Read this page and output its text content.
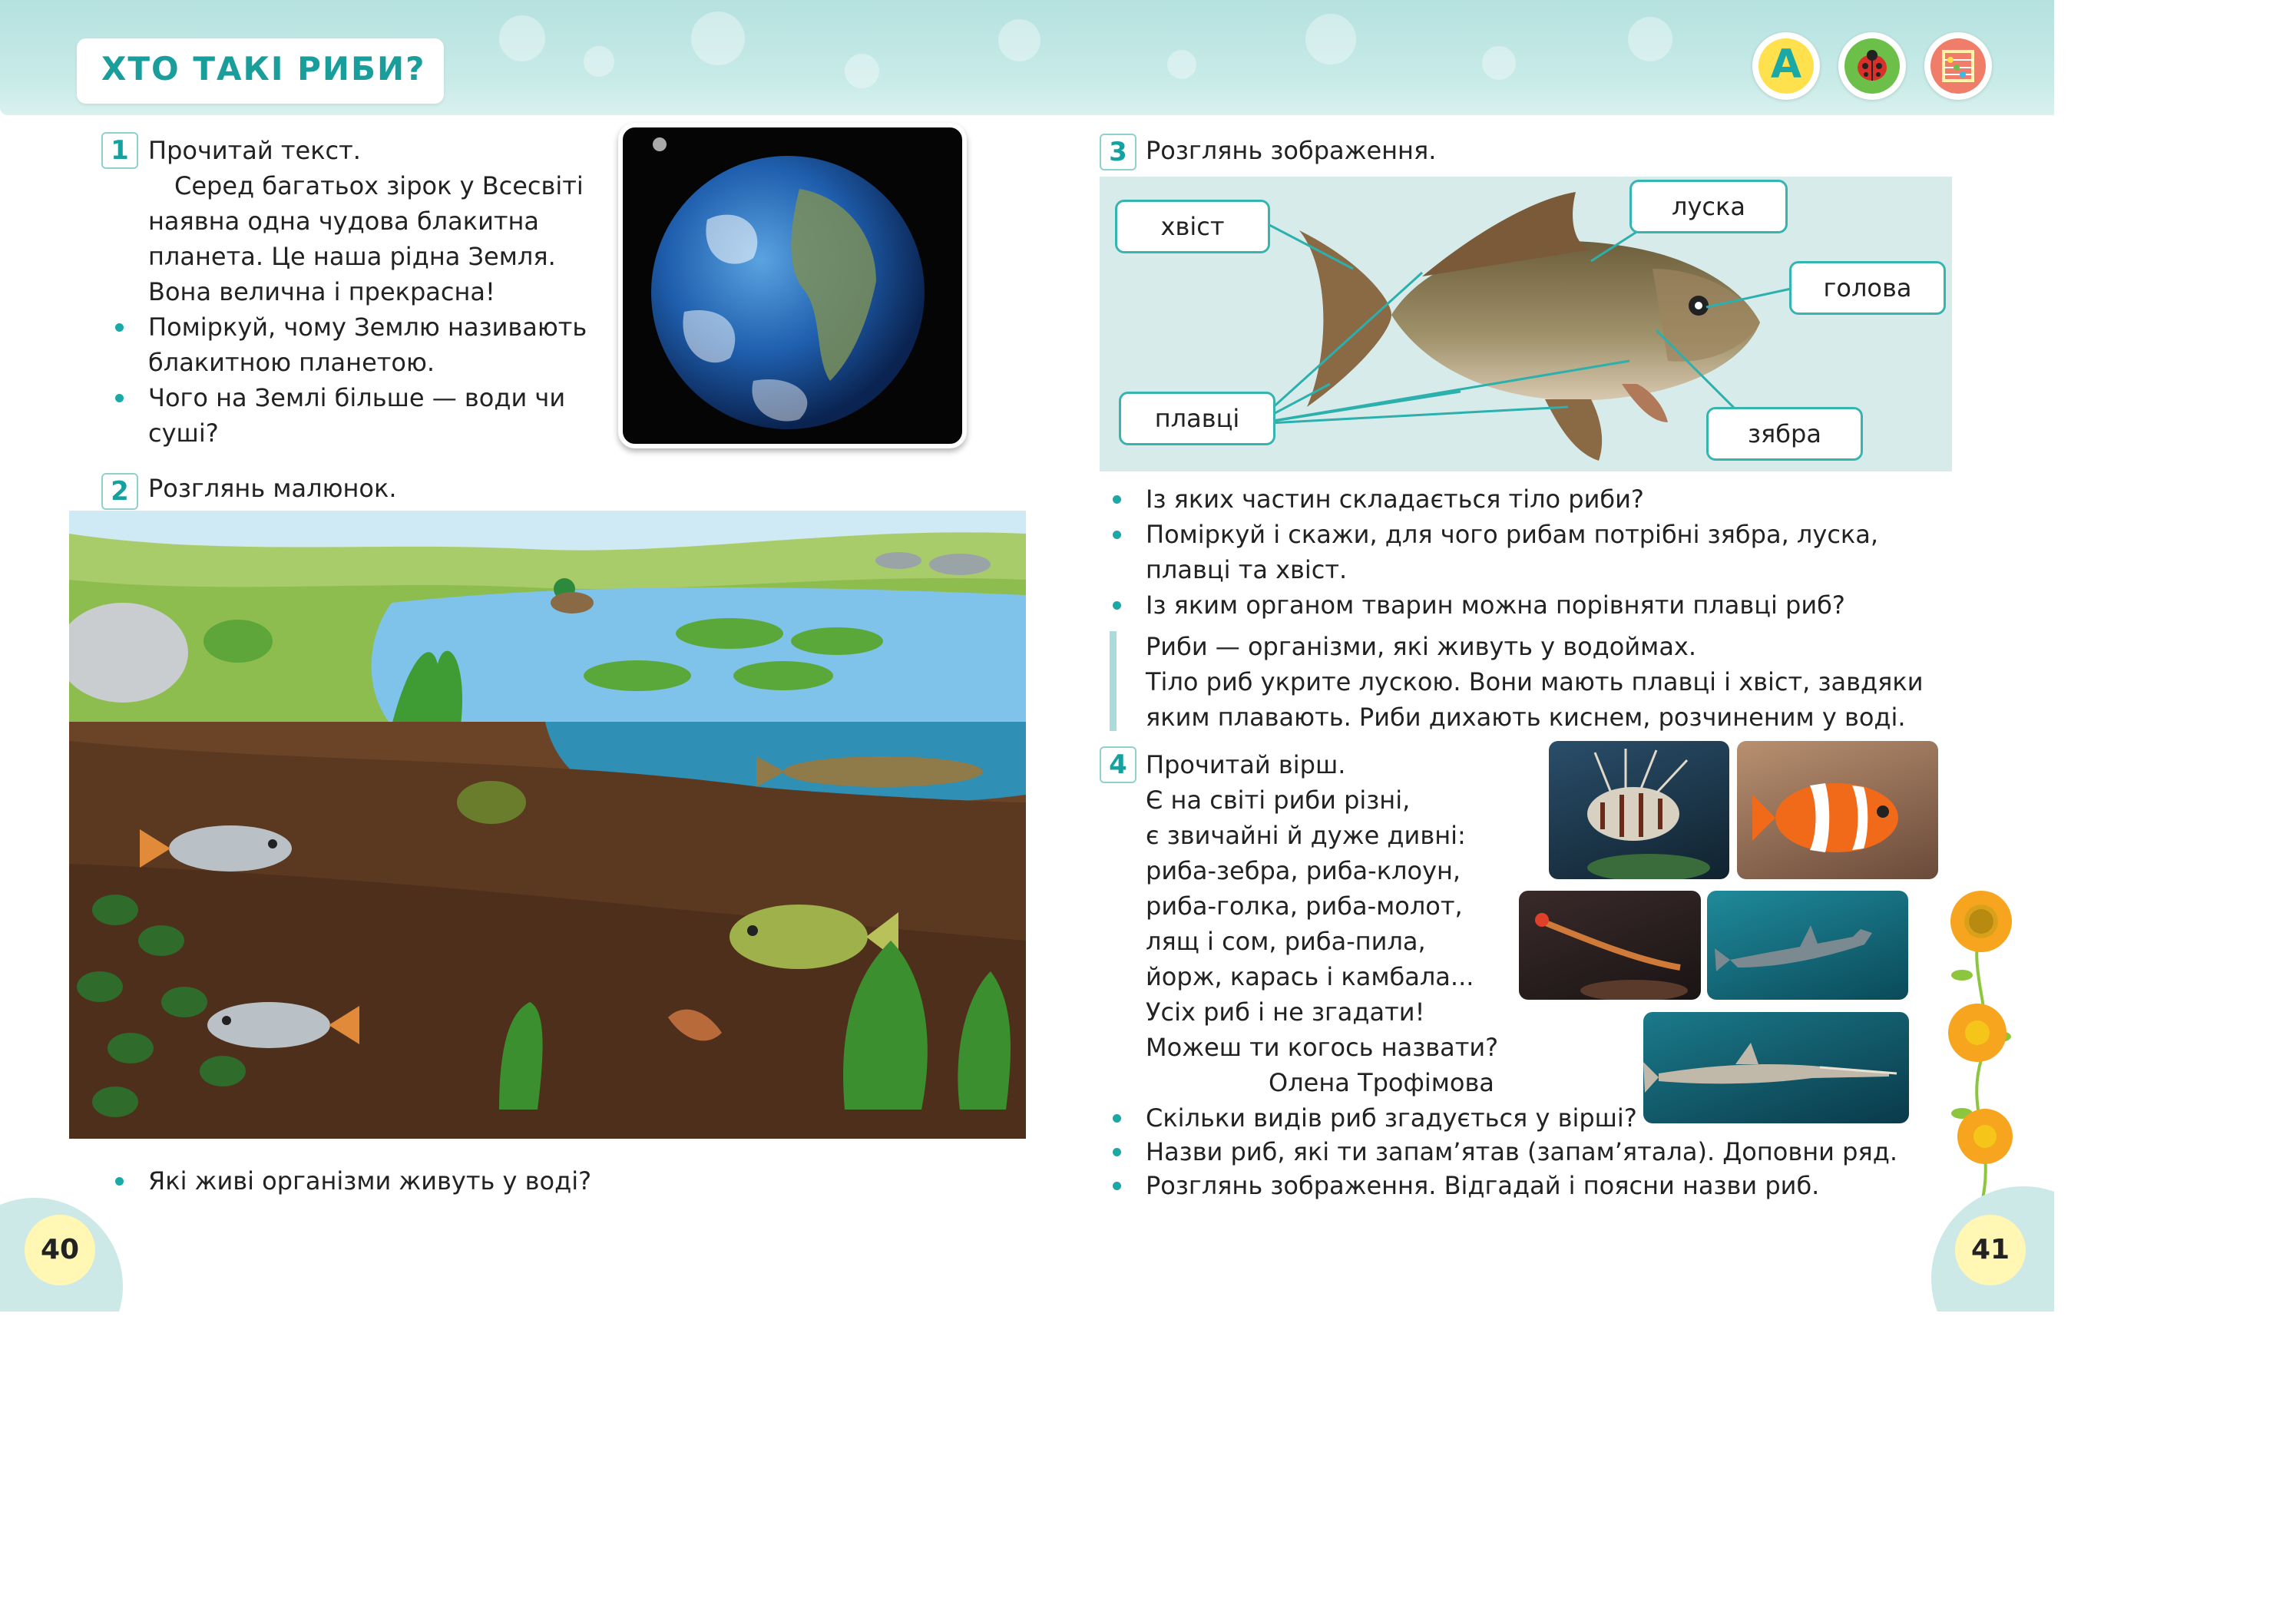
ХТО ТАКІ РИБИ?	А
1 Прочитай текст.
Серед багатьох зірок у Всесвіті
наявна одна чудова блакитна
планета. Це наша рідна Земля.
Вона велична і прекрасна!
Поміркуй, чому Землю називають
блакитною планетою.
Чого на Землі більше — води чи
суші?
2 Розглянь малюнок.
Які живі організми живуть у воді?
40
3 Розглянь зображення.
хвіст
луска
голова
плавці
зябра
Із яких частин складається тіло риби?
Поміркуй і скажи, для чого рибам потрібні зябра, луска,
плавці та хвіст.
Із яким органом тварин можна порівняти плавці риб?
Риби — організми, які живуть у водоймах.
Тіло риб укрите лускою. Вони мають плавці і хвіст, завдяки
яким плавають. Риби дихають киснем, розчиненим у воді.
4 Прочитай вірш.
Є на світі риби різні,
є звичайні й дуже дивні:
риба-зебра, риба-клоун,
риба-голка, риба-молот,
лящ і сом, риба-пила,
йорж, карась і камбала...
Усіх риб і не згадати!
Можеш ти когось назвати?
Олена Трофімова
Скільки видів риб згадується у вірші?
Назви риб, які ти запам’ятав (запам’ятала). Доповни ряд.
Розглянь зображення. Відгадай і поясни назви риб.
41
